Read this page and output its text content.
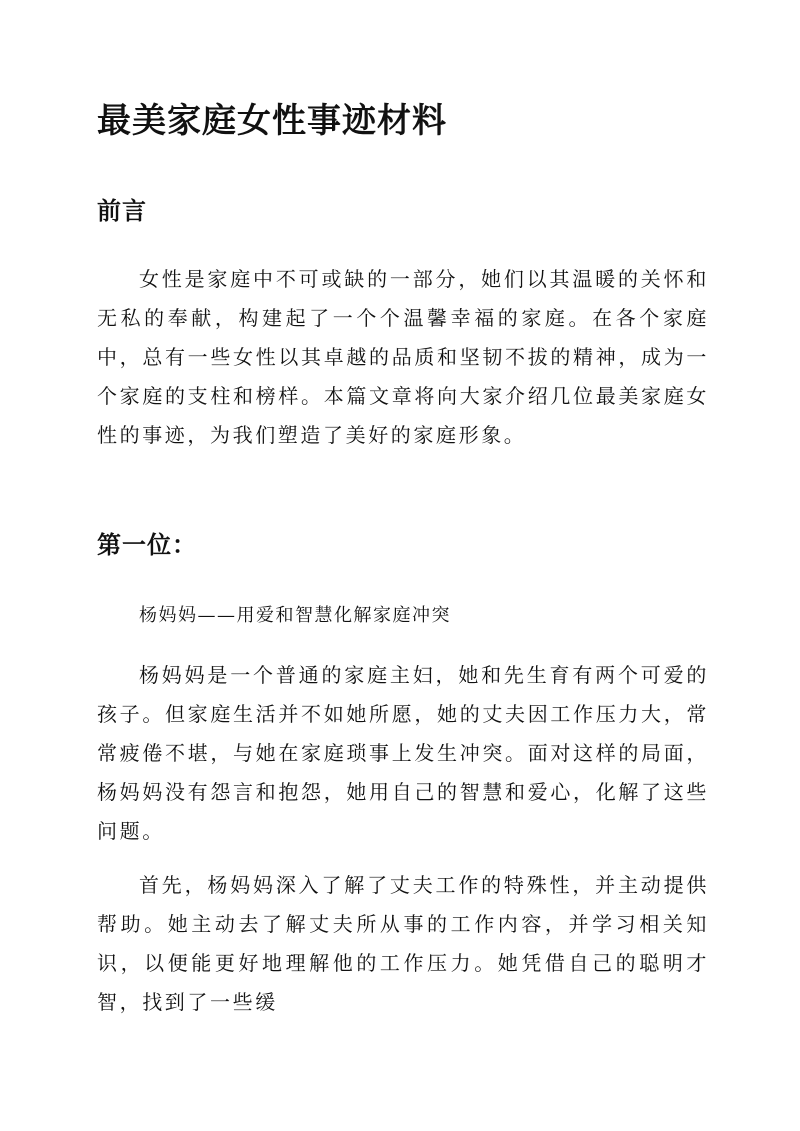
最美家庭女性事迹材料
前言

女性是家庭中不可或缺的一部分，她们以其温暖的关怀和无私的奉献，构建起了一个个温馨幸福的家庭。在各个家庭中，总有一些女性以其卓越的品质和坚韧不拔的精神，成为一个家庭的支柱和榜样。本篇文章将向大家介绍几位最美家庭女性的事迹，为我们塑造了美好的家庭形象。

第一位：

杨妈妈——用爱和智慧化解家庭冲突

杨妈妈是一个普通的家庭主妇，她和先生育有两个可爱的孩子。但家庭生活并不如她所愿，她的丈夫因工作压力大，常常疲倦不堪，与她在家庭琐事上发生冲突。面对这样的局面，杨妈妈没有怨言和抱怨，她用自己的智慧和爱心，化解了这些问题。

首先，杨妈妈深入了解了丈夫工作的特殊性，并主动提供帮助。她主动去了解丈夫所从事的工作内容，并学习相关知识，以便能更好地理解他的工作压力。她凭借自己的聪明才智，找到了一些缓
